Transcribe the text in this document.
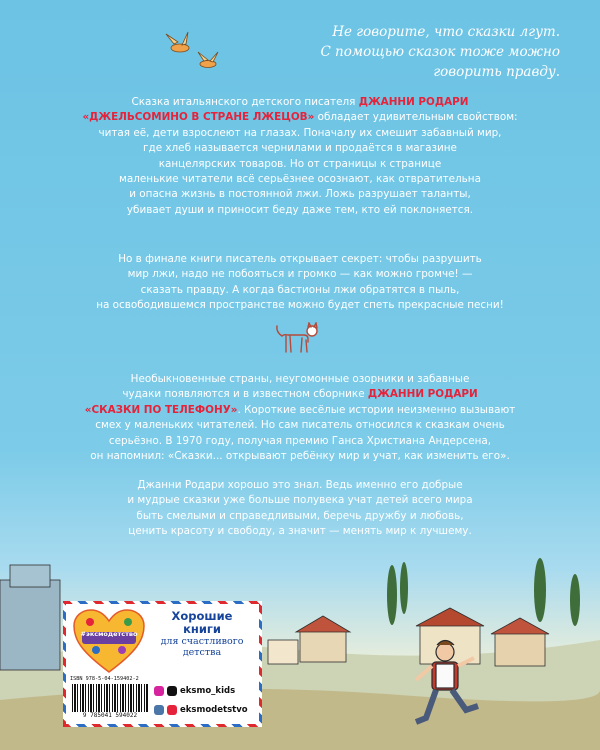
Не говорите, что сказки лгут.
С помощью сказок тоже можно
говорить правду.
Сказка итальянского детского писателя ДЖАННИ РОДАРИ
«ДЖЕЛЬСОМИНО В СТРАНЕ ЛЖЕЦОВ» обладает удивительным свойством:
читая её, дети взрослеют на глазах. Поначалу их смешит забавный мир,
где хлеб называется чернилами и продаётся в магазине
канцелярских товаров. Но от страницы к странице
маленькие читатели всё серьёзнее осознают, как отвратительна
и опасна жизнь в постоянной лжи. Ложь разрушает таланты,
убивает души и приносит беду даже тем, кто ей поклоняется.
Но в финале книги писатель открывает секрет: чтобы разрушить
мир лжи, надо не побояться и громко — как можно громче! —
сказать правду. А когда бастионы лжи обратятся в пыль,
на освободившемся пространстве можно будет спеть прекрасные песни!
Необыкновенные страны, неугомонные озорники и забавные
чудаки появляются и в известном сборнике ДЖАННИ РОДАРИ
«СКАЗКИ ПО ТЕЛЕФОНУ». Короткие весёлые истории неизменно вызывают
смех у маленьких читателей. Но сам писатель относился к сказкам очень
серьёзно. В 1970 году, получая премию Ганса Христиана Андерсена,
он напомнил: «Сказки... открывают ребёнку мир и учат, как изменить его».
Джанни Родари хорошо это знал. Ведь именно его добрые
и мудрые сказки уже больше полувека учат детей всего мира
быть смелыми и справедливыми, беречь дружбу и любовь,
ценить красоту и свободу, а значит — менять мир к лучшему.
#эксмодетство
Хорошие
книги
для счастливого
детства
ISBN 978-5-04-159402-2
9 785041 594022
eksmo_kids
eksmodetstvo
